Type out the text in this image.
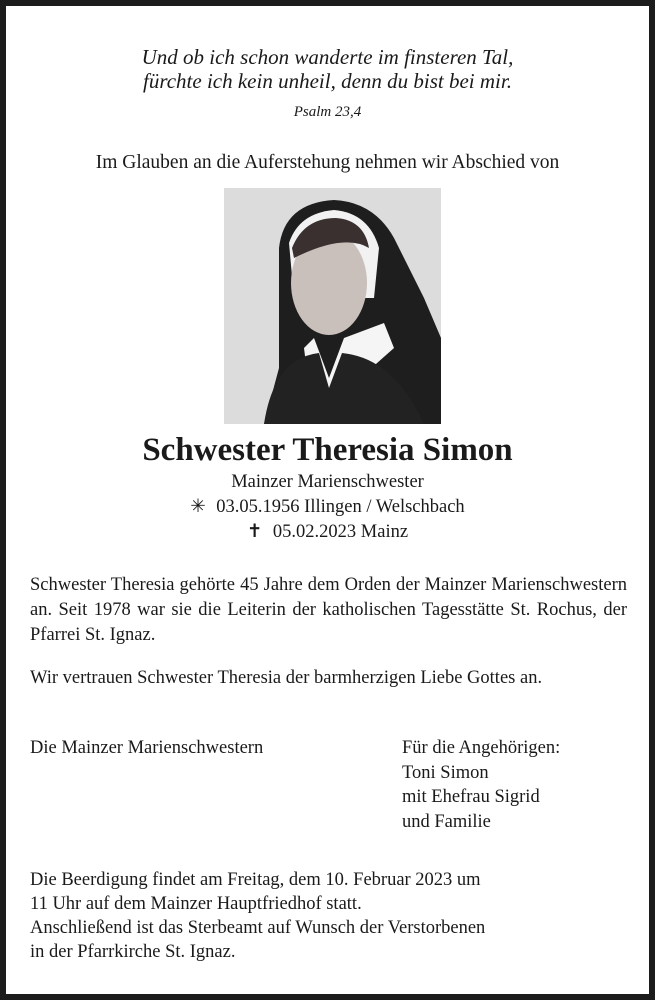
Und ob ich schon wanderte im finsteren Tal,
fürchte ich kein unheil, denn du bist bei mir.
Psalm 23,4
Im Glauben an die Auferstehung nehmen wir Abschied von
Schwester Theresia Simon
Mainzer Marienschwester
✳ 03.05.1956 Illingen / Welschbach
✝ 05.02.2023 Mainz
Schwester Theresia gehörte 45 Jahre dem Orden der Mainzer Marienschwestern an. Seit 1978 war sie die Leiterin der katholischen Tagesstätte St. Rochus, der Pfarrei St. Ignaz.
Wir vertrauen Schwester Theresia der barmherzigen Liebe Gottes an.
Die Mainzer Marienschwestern	Für die Angehörigen:
Toni Simon
mit Ehefrau Sigrid
und Familie
Die Beerdigung findet am Freitag, dem 10. Februar 2023 um
11 Uhr auf dem Mainzer Hauptfriedhof statt.
Anschließend ist das Sterbeamt auf Wunsch der Verstorbenen
in der Pfarrkirche St. Ignaz.
